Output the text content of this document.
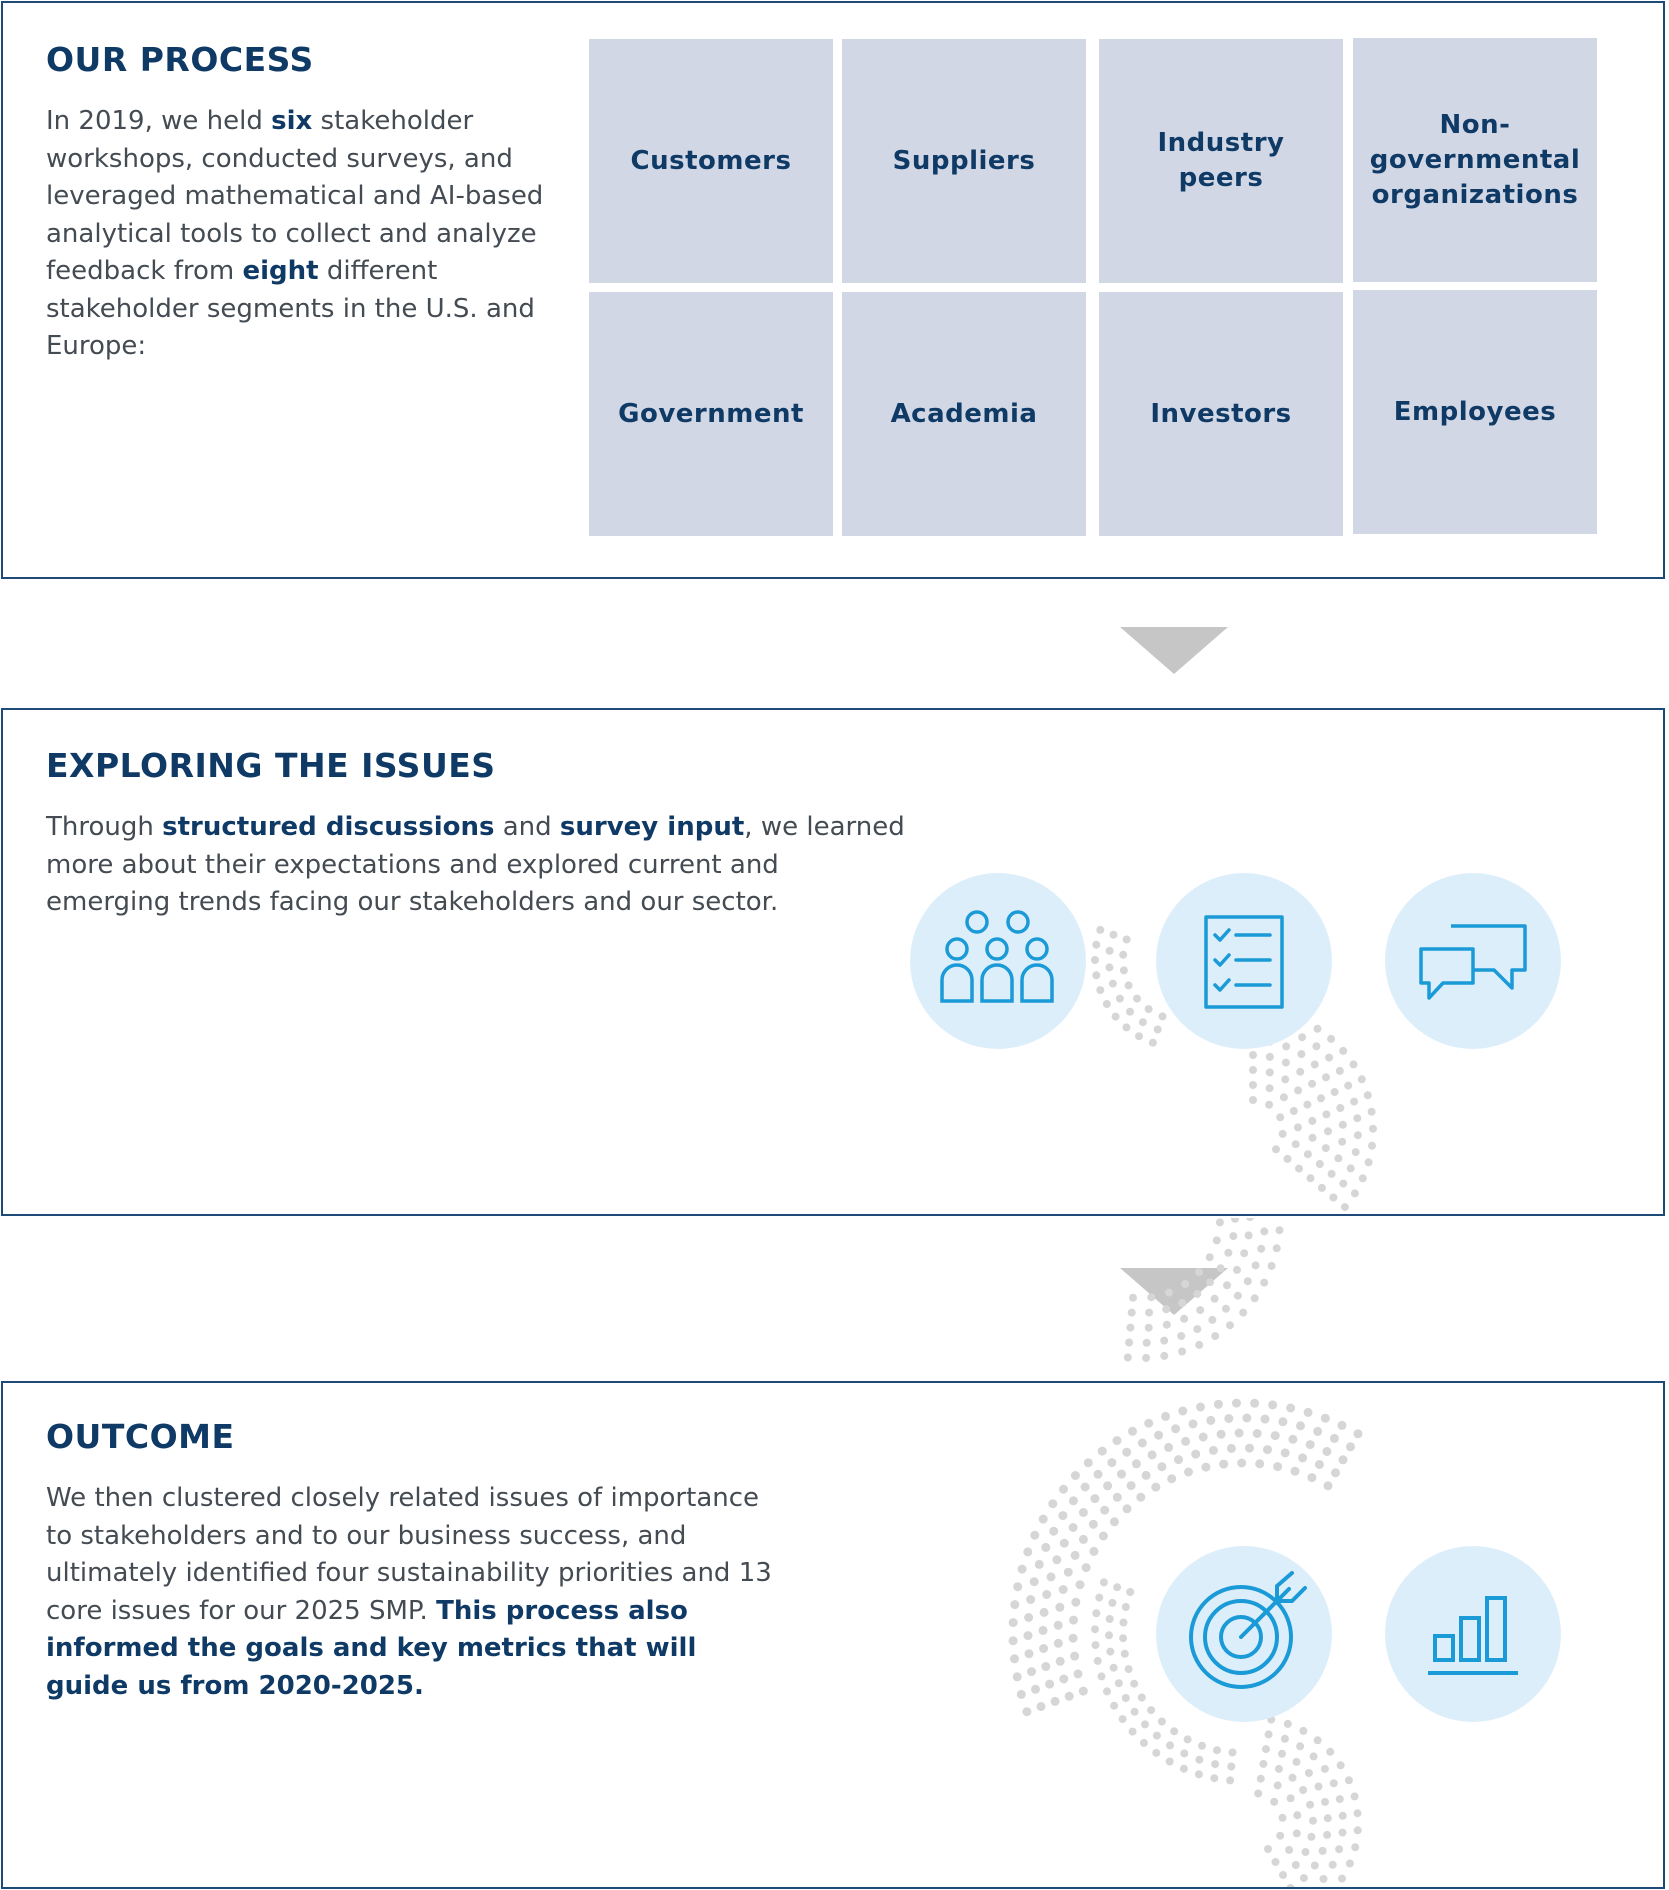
OUR PROCESS

In 2019, we held six stakeholder workshops, conducted surveys, and leveraged mathematical and AI-based analytical tools to collect and analyze feedback from eight different stakeholder segments in the U.S. and Europe:

Customers	Suppliers
Industry
peers
Non-
governmental
organizations
Government	Academia	Investors	Employees
EXPLORING THE ISSUES

Through structured discussions and survey input, we learned more about their expectations and explored current and emerging trends facing our stakeholders and our sector.

OUTCOME

We then clustered closely related issues of importance to stakeholders and to our business success, and ultimately identified four sustainability priorities and 13 core issues for our 2025 SMP. This process also informed the goals and key metrics that will guide us from 2020-2025.
